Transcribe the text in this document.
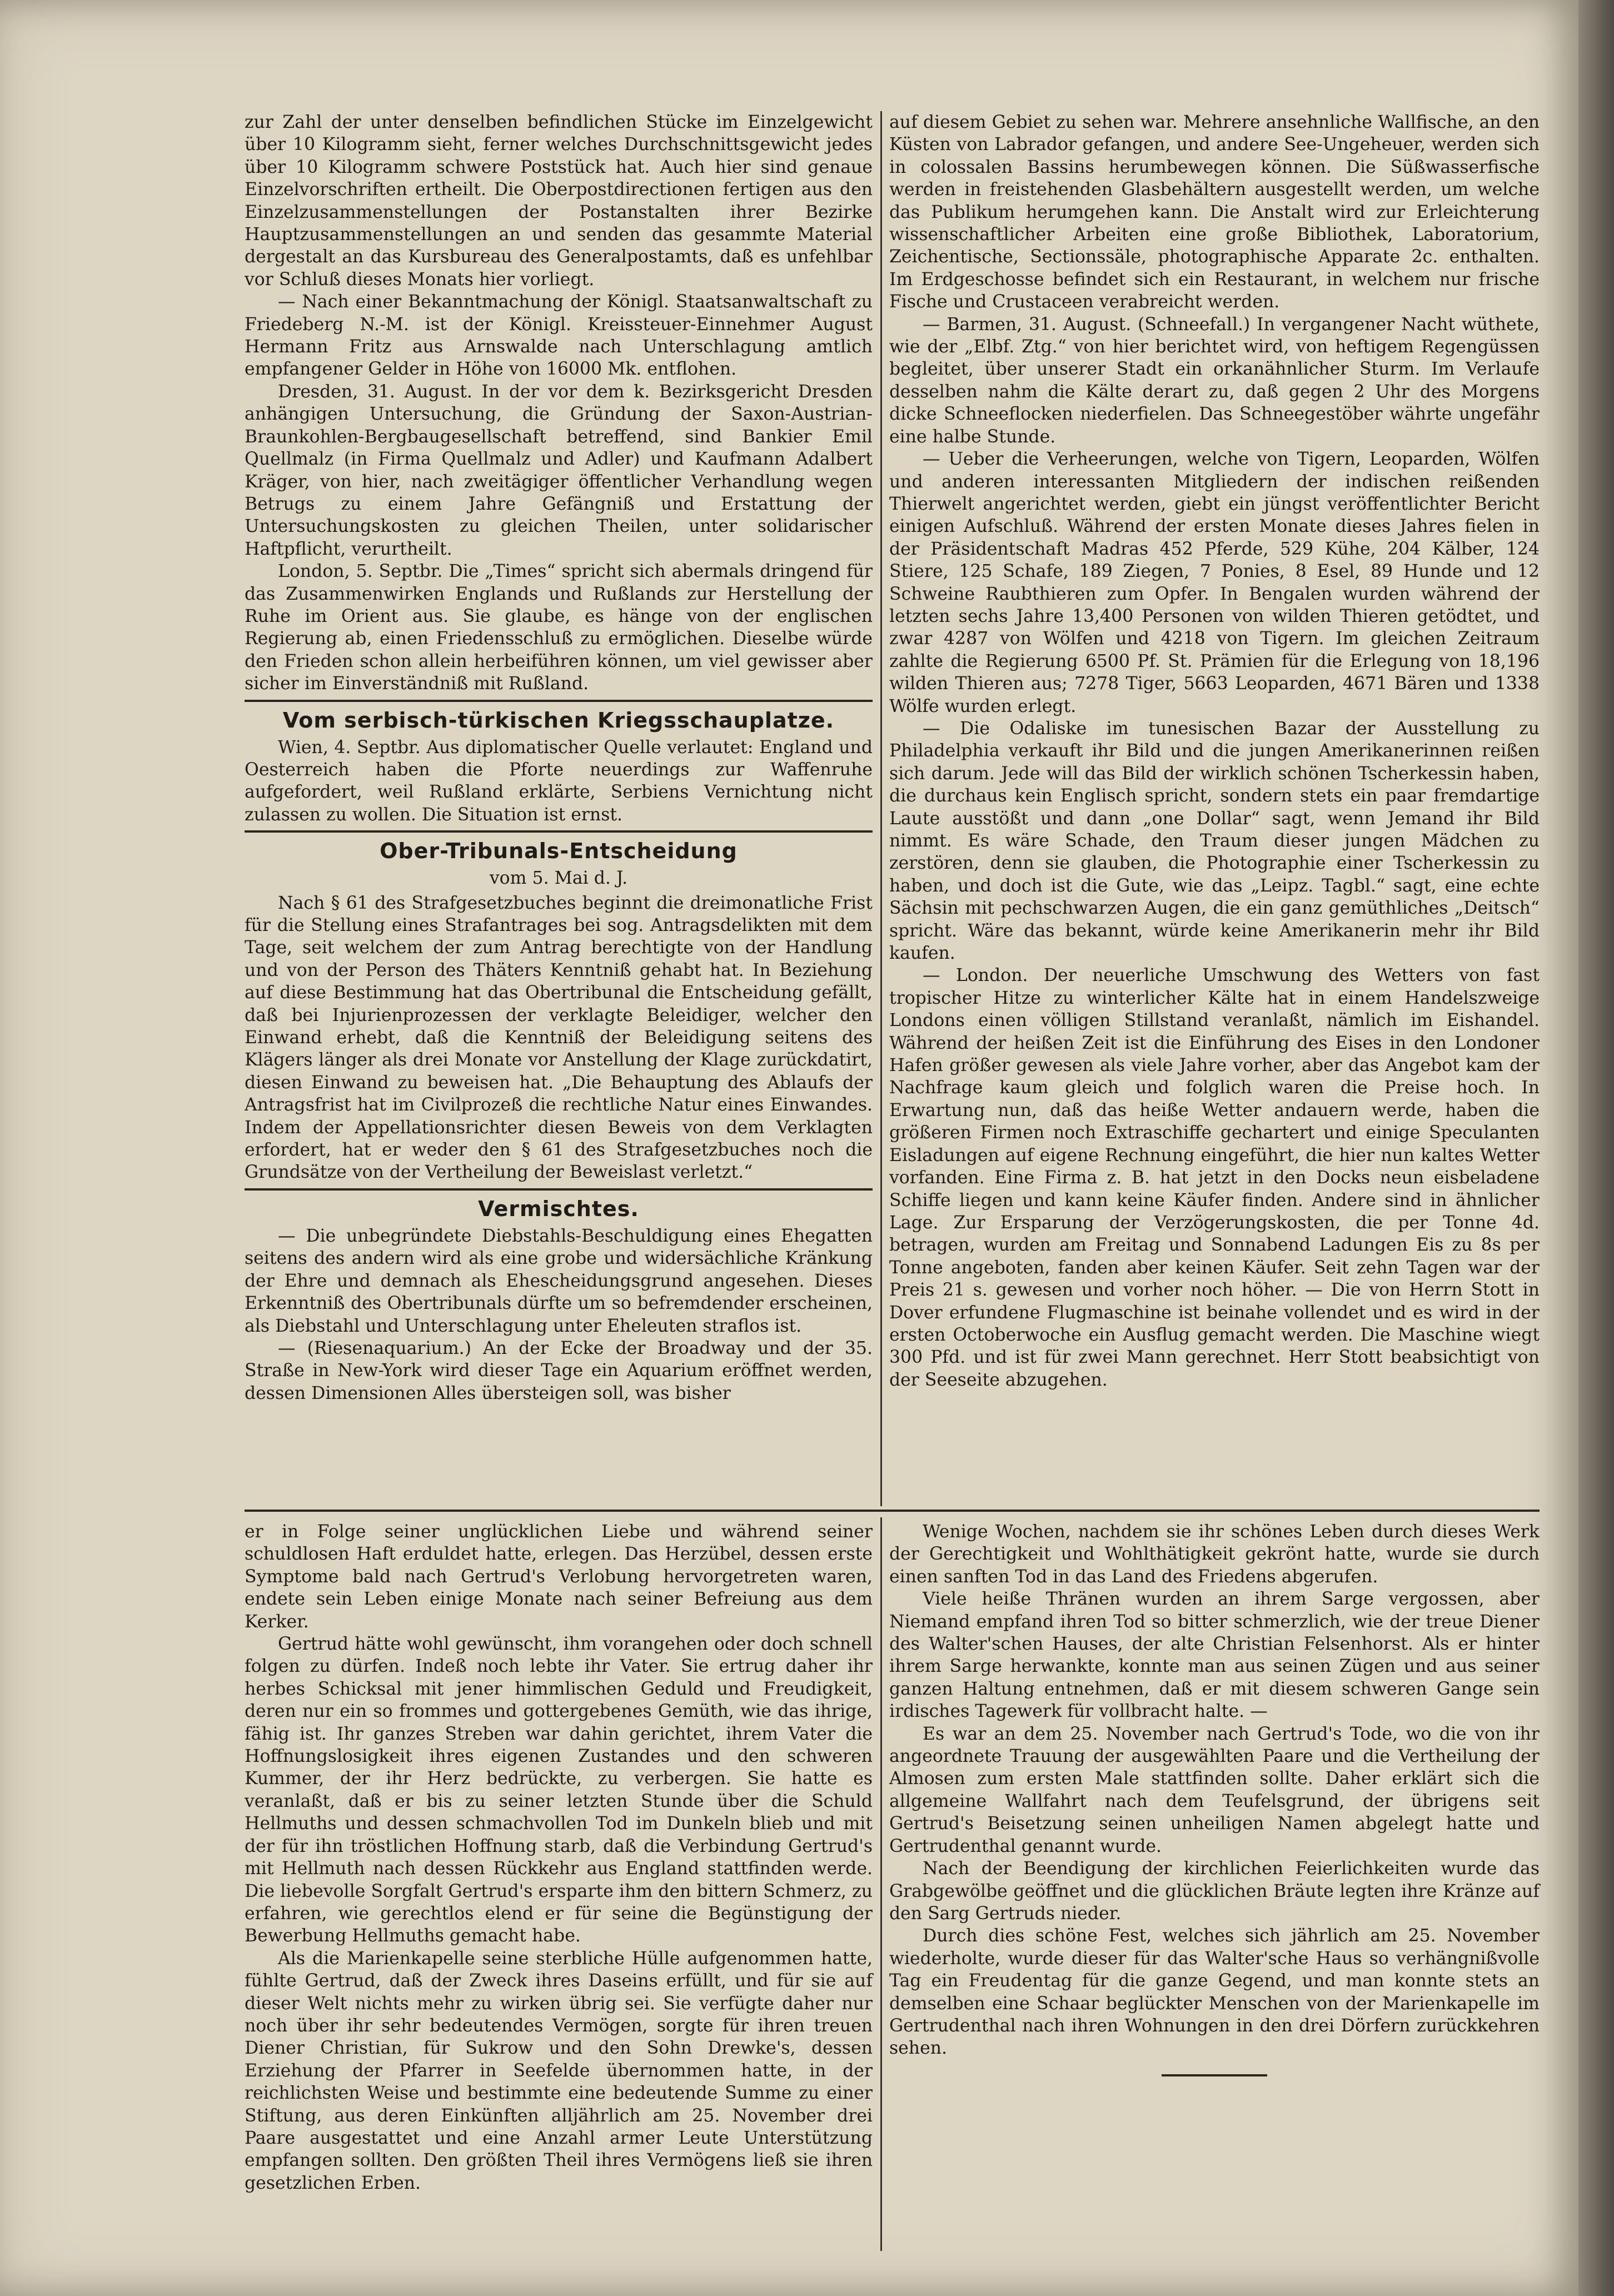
zur Zahl der unter denselben befindlichen Stücke im Einzelgewicht über 10 Kilogramm sieht, ferner welches Durchschnittsgewicht jedes über 10 Kilogramm schwere Poststück hat. Auch hier sind genaue Einzelvorschriften ertheilt. Die Oberpostdirectionen fertigen aus den Einzelzusammenstellungen der Postanstalten ihrer Bezirke Hauptzusammenstellungen an und senden das gesammte Material dergestalt an das Kursbureau des Generalpostamts, daß es unfehlbar vor Schluß dieses Monats hier vorliegt.

— Nach einer Bekanntmachung der Königl. Staatsanwaltschaft zu Friedeberg N.-M. ist der Königl. Kreissteuer-Einnehmer August Hermann Fritz aus Arnswalde nach Unterschlagung amtlich empfangener Gelder in Höhe von 16000 Mk. entflohen.

Dresden, 31. August. In der vor dem k. Bezirksgericht Dresden anhängigen Untersuchung, die Gründung der Saxon-Austrian-Braunkohlen-Bergbaugesellschaft betreffend, sind Bankier Emil Quellmalz (in Firma Quellmalz und Adler) und Kaufmann Adalbert Kräger, von hier, nach zweitägiger öffentlicher Verhandlung wegen Betrugs zu einem Jahre Gefängniß und Erstattung der Untersuchungskosten zu gleichen Theilen, unter solidarischer Haftpflicht, verurtheilt.

London, 5. Septbr. Die „Times“ spricht sich abermals dringend für das Zusammenwirken Englands und Rußlands zur Herstellung der Ruhe im Orient aus. Sie glaube, es hänge von der englischen Regierung ab, einen Friedensschluß zu ermöglichen. Dieselbe würde den Frieden schon allein herbeiführen können, um viel gewisser aber sicher im Einverständniß mit Rußland.

Vom serbisch-türkischen Kriegsschauplatze.

Wien, 4. Septbr. Aus diplomatischer Quelle verlautet: England und Oesterreich haben die Pforte neuerdings zur Waffenruhe aufgefordert, weil Rußland erklärte, Serbiens Vernichtung nicht zulassen zu wollen. Die Situation ist ernst.

Ober-Tribunals-Entscheidung
vom 5. Mai d. J.

Nach § 61 des Strafgesetzbuches beginnt die dreimonatliche Frist für die Stellung eines Strafantrages bei sog. Antragsdelikten mit dem Tage, seit welchem der zum Antrag berechtigte von der Handlung und von der Person des Thäters Kenntniß gehabt hat. In Beziehung auf diese Bestimmung hat das Obertribunal die Entscheidung gefällt, daß bei Injurienprozessen der verklagte Beleidiger, welcher den Einwand erhebt, daß die Kenntniß der Beleidigung seitens des Klägers länger als drei Monate vor Anstellung der Klage zurückdatirt, diesen Einwand zu beweisen hat. „Die Behauptung des Ablaufs der Antragsfrist hat im Civilprozeß die rechtliche Natur eines Einwandes. Indem der Appellationsrichter diesen Beweis von dem Verklagten erfordert, hat er weder den § 61 des Strafgesetzbuches noch die Grundsätze von der Vertheilung der Beweislast verletzt.“

Vermischtes.

— Die unbegründete Diebstahls-Beschuldigung eines Ehegatten seitens des andern wird als eine grobe und widersächliche Kränkung der Ehre und demnach als Ehescheidungsgrund angesehen. Dieses Erkenntniß des Obertribunals dürfte um so befremdender erscheinen, als Diebstahl und Unterschlagung unter Eheleuten straflos ist.

— (Riesenaquarium.) An der Ecke der Broadway und der 35. Straße in New-York wird dieser Tage ein Aquarium eröffnet werden, dessen Dimensionen Alles übersteigen soll, was bisher

auf diesem Gebiet zu sehen war. Mehrere ansehnliche Wallfische, an den Küsten von Labrador gefangen, und andere See-Ungeheuer, werden sich in colossalen Bassins herumbewegen können. Die Süßwasserfische werden in freistehenden Glasbehältern ausgestellt werden, um welche das Publikum herumgehen kann. Die Anstalt wird zur Erleichterung wissenschaftlicher Arbeiten eine große Bibliothek, Laboratorium, Zeichentische, Sectionssäle, photographische Apparate 2c. enthalten. Im Erdgeschosse befindet sich ein Restaurant, in welchem nur frische Fische und Crustaceen verabreicht werden.

— Barmen, 31. August. (Schneefall.) In vergangener Nacht wüthete, wie der „Elbf. Ztg.“ von hier berichtet wird, von heftigem Regengüssen begleitet, über unserer Stadt ein orkanähnlicher Sturm. Im Verlaufe desselben nahm die Kälte derart zu, daß gegen 2 Uhr des Morgens dicke Schneeflocken niederfielen. Das Schneegestöber währte ungefähr eine halbe Stunde.

— Ueber die Verheerungen, welche von Tigern, Leoparden, Wölfen und anderen interessanten Mitgliedern der indischen reißenden Thierwelt angerichtet werden, giebt ein jüngst veröffentlichter Bericht einigen Aufschluß. Während der ersten Monate dieses Jahres fielen in der Präsidentschaft Madras 452 Pferde, 529 Kühe, 204 Kälber, 124 Stiere, 125 Schafe, 189 Ziegen, 7 Ponies, 8 Esel, 89 Hunde und 12 Schweine Raubthieren zum Opfer. In Bengalen wurden während der letzten sechs Jahre 13,400 Personen von wilden Thieren getödtet, und zwar 4287 von Wölfen und 4218 von Tigern. Im gleichen Zeitraum zahlte die Regierung 6500 Pf. St. Prämien für die Erlegung von 18,196 wilden Thieren aus; 7278 Tiger, 5663 Leoparden, 4671 Bären und 1338 Wölfe wurden erlegt.

— Die Odaliske im tunesischen Bazar der Ausstellung zu Philadelphia verkauft ihr Bild und die jungen Amerikanerinnen reißen sich darum. Jede will das Bild der wirklich schönen Tscherkessin haben, die durchaus kein Englisch spricht, sondern stets ein paar fremdartige Laute ausstößt und dann „one Dollar“ sagt, wenn Jemand ihr Bild nimmt. Es wäre Schade, den Traum dieser jungen Mädchen zu zerstören, denn sie glauben, die Photographie einer Tscherkessin zu haben, und doch ist die Gute, wie das „Leipz. Tagbl.“ sagt, eine echte Sächsin mit pechschwarzen Augen, die ein ganz gemüthliches „Deitsch“ spricht. Wäre das bekannt, würde keine Amerikanerin mehr ihr Bild kaufen.

— London. Der neuerliche Umschwung des Wetters von fast tropischer Hitze zu winterlicher Kälte hat in einem Handelszweige Londons einen völligen Stillstand veranlaßt, nämlich im Eishandel. Während der heißen Zeit ist die Einführung des Eises in den Londoner Hafen größer gewesen als viele Jahre vorher, aber das Angebot kam der Nachfrage kaum gleich und folglich waren die Preise hoch. In Erwartung nun, daß das heiße Wetter andauern werde, haben die größeren Firmen noch Extraschiffe gechartert und einige Speculanten Eisladungen auf eigene Rechnung eingeführt, die hier nun kaltes Wetter vorfanden. Eine Firma z. B. hat jetzt in den Docks neun eisbeladene Schiffe liegen und kann keine Käufer finden. Andere sind in ähnlicher Lage. Zur Ersparung der Verzögerungskosten, die per Tonne 4d. betragen, wurden am Freitag und Sonnabend Ladungen Eis zu 8s per Tonne angeboten, fanden aber keinen Käufer. Seit zehn Tagen war der Preis 21 s. gewesen und vorher noch höher. — Die von Herrn Stott in Dover erfundene Flugmaschine ist beinahe vollendet und es wird in der ersten Octoberwoche ein Ausflug gemacht werden. Die Maschine wiegt 300 Pfd. und ist für zwei Mann gerechnet. Herr Stott beabsichtigt von der Seeseite abzugehen.

er in Folge seiner unglücklichen Liebe und während seiner schuldlosen Haft erduldet hatte, erlegen. Das Herzübel, dessen erste Symptome bald nach Gertrud's Verlobung hervorgetreten waren, endete sein Leben einige Monate nach seiner Befreiung aus dem Kerker.

Gertrud hätte wohl gewünscht, ihm vorangehen oder doch schnell folgen zu dürfen. Indeß noch lebte ihr Vater. Sie ertrug daher ihr herbes Schicksal mit jener himmlischen Geduld und Freudigkeit, deren nur ein so frommes und gottergebenes Gemüth, wie das ihrige, fähig ist. Ihr ganzes Streben war dahin gerichtet, ihrem Vater die Hoffnungslosigkeit ihres eigenen Zustandes und den schweren Kummer, der ihr Herz bedrückte, zu verbergen. Sie hatte es veranlaßt, daß er bis zu seiner letzten Stunde über die Schuld Hellmuths und dessen schmachvollen Tod im Dunkeln blieb und mit der für ihn tröstlichen Hoffnung starb, daß die Verbindung Gertrud's mit Hellmuth nach dessen Rückkehr aus England stattfinden werde. Die liebevolle Sorgfalt Gertrud's ersparte ihm den bittern Schmerz, zu erfahren, wie gerechtlos elend er für seine die Begünstigung der Bewerbung Hellmuths gemacht habe.

Als die Marienkapelle seine sterbliche Hülle aufgenommen hatte, fühlte Gertrud, daß der Zweck ihres Daseins erfüllt, und für sie auf dieser Welt nichts mehr zu wirken übrig sei. Sie verfügte daher nur noch über ihr sehr bedeutendes Vermögen, sorgte für ihren treuen Diener Christian, für Sukrow und den Sohn Drewke's, dessen Erziehung der Pfarrer in Seefelde übernommen hatte, in der reichlichsten Weise und bestimmte eine bedeutende Summe zu einer Stiftung, aus deren Einkünften alljährlich am 25. November drei Paare ausgestattet und eine Anzahl armer Leute Unterstützung empfangen sollten. Den größten Theil ihres Vermögens ließ sie ihren gesetzlichen Erben.

Wenige Wochen, nachdem sie ihr schönes Leben durch dieses Werk der Gerechtigkeit und Wohlthätigkeit gekrönt hatte, wurde sie durch einen sanften Tod in das Land des Friedens abgerufen.

Viele heiße Thränen wurden an ihrem Sarge vergossen, aber Niemand empfand ihren Tod so bitter schmerzlich, wie der treue Diener des Walter'schen Hauses, der alte Christian Felsenhorst. Als er hinter ihrem Sarge herwankte, konnte man aus seinen Zügen und aus seiner ganzen Haltung entnehmen, daß er mit diesem schweren Gange sein irdisches Tagewerk für vollbracht halte. —

Es war an dem 25. November nach Gertrud's Tode, wo die von ihr angeordnete Trauung der ausgewählten Paare und die Vertheilung der Almosen zum ersten Male stattfinden sollte. Daher erklärt sich die allgemeine Wallfahrt nach dem Teufelsgrund, der übrigens seit Gertrud's Beisetzung seinen unheiligen Namen abgelegt hatte und Gertrudenthal genannt wurde.

Nach der Beendigung der kirchlichen Feierlichkeiten wurde das Grabgewölbe geöffnet und die glücklichen Bräute legten ihre Kränze auf den Sarg Gertruds nieder.

Durch dies schöne Fest, welches sich jährlich am 25. November wiederholte, wurde dieser für das Walter'sche Haus so verhängnißvolle Tag ein Freudentag für die ganze Gegend, und man konnte stets an demselben eine Schaar beglückter Menschen von der Marienkapelle im Gertrudenthal nach ihren Wohnungen in den drei Dörfern zurückkehren sehen.
